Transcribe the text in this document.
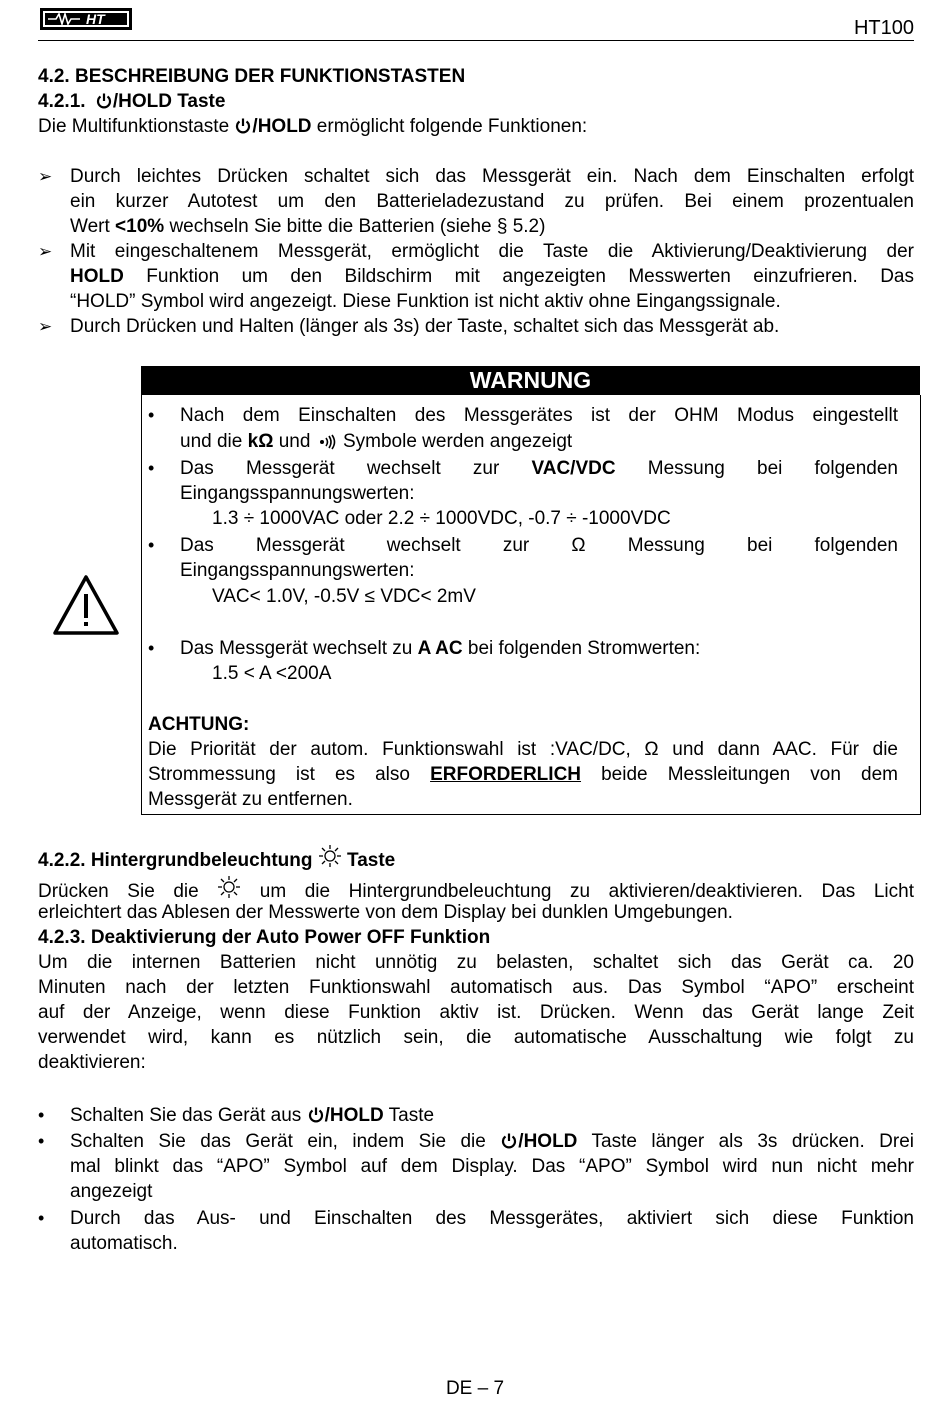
HT	HT100
4.2. BESCHREIBUNG DER FUNKTIONSTASTEN
4.2.1. /HOLD Taste
Die Multifunktionstaste /HOLD ermöglicht folgende Funktionen:
➢ Durch leichtes Drücken schaltet sich das Messgerät ein. Nach dem Einschalten erfolgt
ein kurzer Autotest um den Batterieladezustand zu prüfen. Bei einem prozentualen
Wert <10% wechseln Sie bitte die Batterien (siehe § 5.2)
➢ Mit eingeschaltenem Messgerät, ermöglicht die Taste die Aktivierung/Deaktivierung der
HOLD Funktion um den Bildschirm mit angezeigten Messwerten einzufrieren. Das
“HOLD” Symbol wird angezeigt. Diese Funktion ist nicht aktiv ohne Eingangssignale.
➢ Durch Drücken und Halten (länger als 3s) der Taste, schaltet sich das Messgerät ab.
WARNUNG
• Nach dem Einschalten des Messgerätes ist der OHM Modus eingestellt
und die kΩ und  Symbole werden angezeigt
• Das Messgerät wechselt zur VAC/VDC Messung bei folgenden
Eingangsspannungswerten:
1.3 ÷ 1000VAC oder 2.2 ÷ 1000VDC, -0.7 ÷ -1000VDC
• Das Messgerät wechselt zur Ω Messung bei folgenden
Eingangsspannungswerten:
VAC< 1.0V, -0.5V ≤ VDC< 2mV
• Das Messgerät wechselt zu A AC bei folgenden Stromwerten:
1.5 < A <200A
ACHTUNG:
Die Priorität der autom. Funktionswahl ist :VAC/DC, Ω und dann AAC. Für die
Strommessung ist es also ERFORDERLICH beide Messleitungen von dem
Messgerät zu entfernen.
4.2.2. Hintergrundbeleuchtung  Taste
Drücken Sie die  um die Hintergrundbeleuchtung zu aktivieren/deaktivieren. Das Licht
erleichtert das Ablesen der Messwerte von dem Display bei dunklen Umgebungen.
4.2.3. Deaktivierung der Auto Power OFF Funktion
Um die internen Batterien nicht unnötig zu belasten, schaltet sich das Gerät ca. 20
Minuten nach der letzten Funktionswahl automatisch aus. Das Symbol “APO” erscheint
auf der Anzeige, wenn diese Funktion aktiv ist. Drücken. Wenn das Gerät lange Zeit
verwendet wird, kann es nützlich sein, die automatische Ausschaltung wie folgt zu
deaktivieren:
• Schalten Sie das Gerät aus /HOLD Taste
• Schalten Sie das Gerät ein, indem Sie die /HOLD Taste länger als 3s drücken. Drei
mal blinkt das “APO” Symbol auf dem Display. Das “APO” Symbol wird nun nicht mehr
angezeigt
• Durch das Aus- und Einschalten des Messgerätes, aktiviert sich diese Funktion
automatisch.
DE – 7
